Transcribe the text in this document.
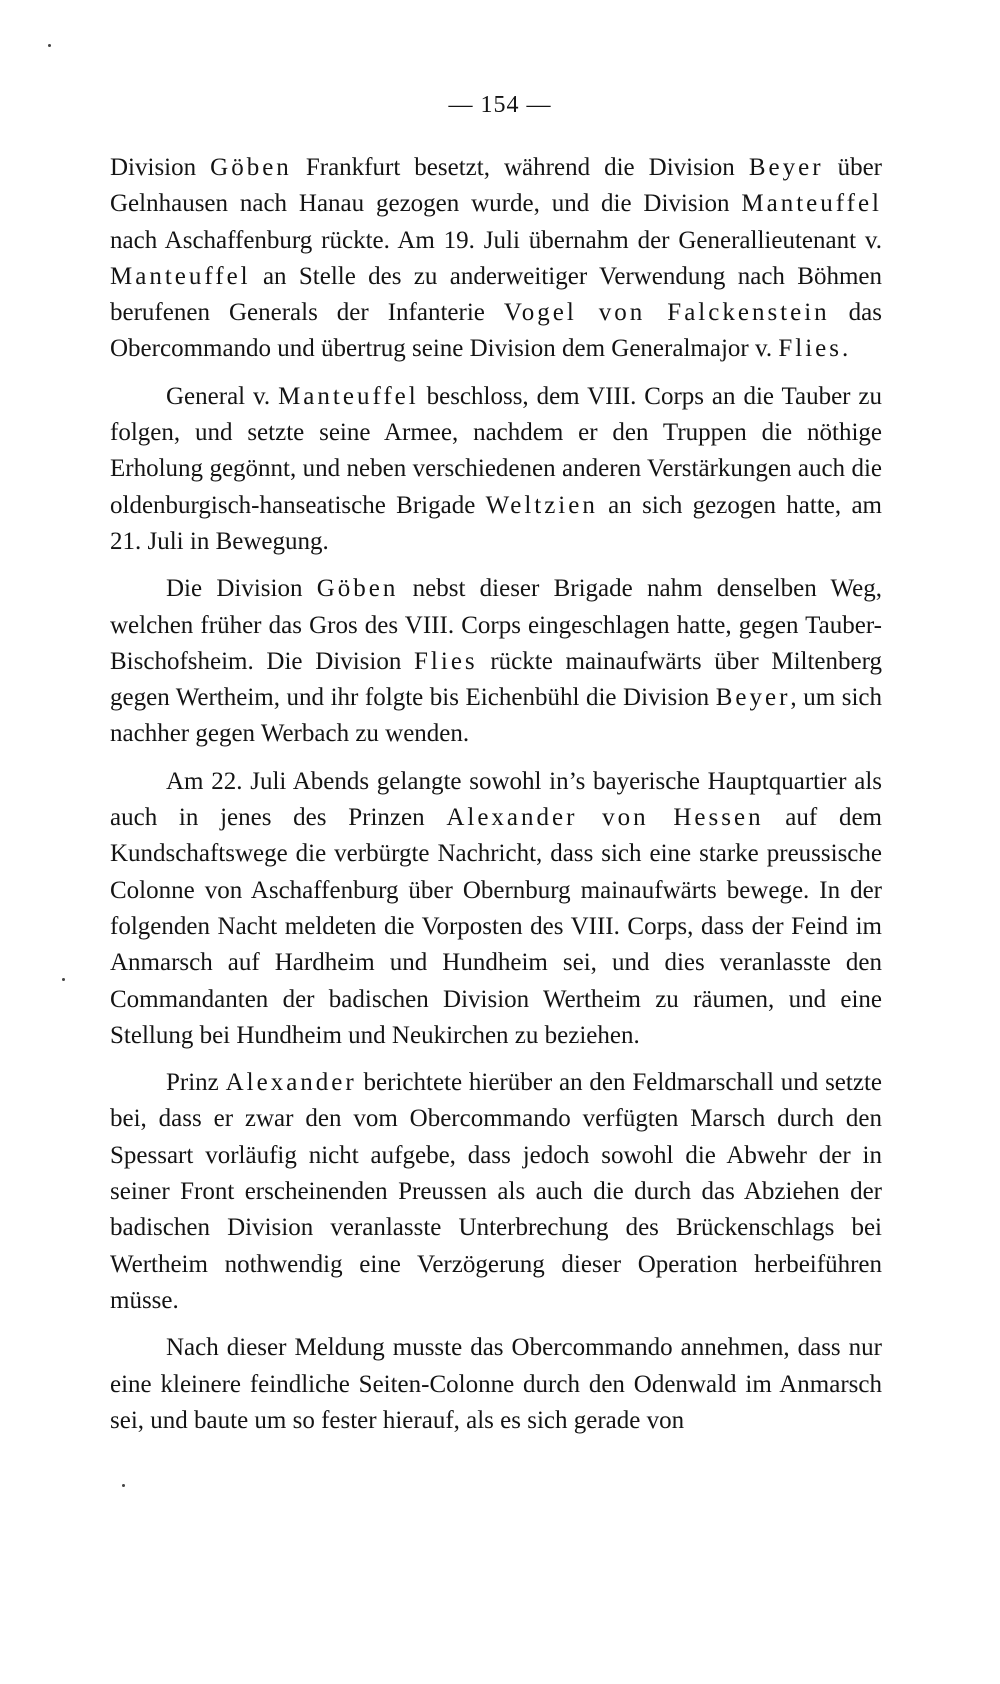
— 154 —

Division Göben Frankfurt besetzt, während die Division Beyer über Gelnhausen nach Hanau gezogen wurde, und die Division Manteuffel nach Aschaffenburg rückte. Am 19. Juli übernahm der Generallieutenant v. Manteuffel an Stelle des zu anderweitiger Verwendung nach Böhmen berufenen Generals der Infanterie Vogel von Falckenstein das Obercommando und übertrug seine Division dem Generalmajor v. Flies.

General v. Manteuffel beschloss, dem VIII. Corps an die Tauber zu folgen, und setzte seine Armee, nachdem er den Truppen die nöthige Erholung gegönnt, und neben verschiedenen anderen Verstärkungen auch die oldenburgisch-hanseatische Brigade Weltzien an sich gezogen hatte, am 21. Juli in Bewegung.

Die Division Göben nebst dieser Brigade nahm denselben Weg, welchen früher das Gros des VIII. Corps eingeschlagen hatte, gegen Tauber-Bischofsheim. Die Division Flies rückte mainaufwärts über Miltenberg gegen Wertheim, und ihr folgte bis Eichenbühl die Division Beyer, um sich nachher gegen Werbach zu wenden.

Am 22. Juli Abends gelangte sowohl in’s bayerische Hauptquartier als auch in jenes des Prinzen Alexander von Hessen auf dem Kundschaftswege die verbürgte Nachricht, dass sich eine starke preussische Colonne von Aschaffenburg über Obernburg mainaufwärts bewege. In der folgenden Nacht meldeten die Vorposten des VIII. Corps, dass der Feind im Anmarsch auf Hardheim und Hundheim sei, und dies veranlasste den Commandanten der badischen Division Wertheim zu räumen, und eine Stellung bei Hundheim und Neukirchen zu beziehen.

Prinz Alexander berichtete hierüber an den Feldmarschall und setzte bei, dass er zwar den vom Obercommando verfügten Marsch durch den Spessart vorläufig nicht aufgebe, dass jedoch sowohl die Abwehr der in seiner Front erscheinenden Preussen als auch die durch das Abziehen der badischen Division veranlasste Unterbrechung des Brückenschlags bei Wertheim nothwendig eine Verzögerung dieser Operation herbeiführen müsse.

Nach dieser Meldung musste das Obercommando annehmen, dass nur eine kleinere feindliche Seiten-Colonne durch den Odenwald im Anmarsch sei, und baute um so fester hierauf, als es sich gerade von
